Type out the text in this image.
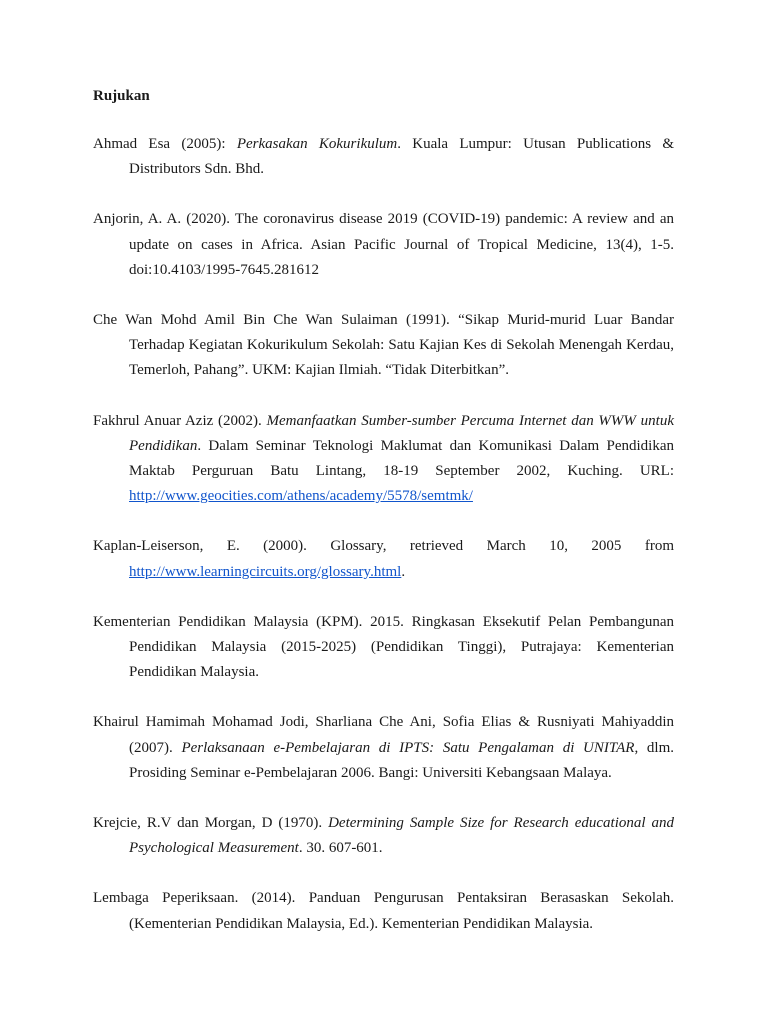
Rujukan

Ahmad Esa (2005): Perkasakan Kokurikulum. Kuala Lumpur: Utusan Publications & Distributors Sdn. Bhd.

Anjorin, A. A. (2020). The coronavirus disease 2019 (COVID-19) pandemic: A review and an update on cases in Africa. Asian Pacific Journal of Tropical Medicine, 13(4), 1-5. doi:10.4103/1995-7645.281612

Che Wan Mohd Amil Bin Che Wan Sulaiman (1991). “Sikap Murid-murid Luar Bandar Terhadap Kegiatan Kokurikulum Sekolah: Satu Kajian Kes di Sekolah Menengah Kerdau, Temerloh, Pahang”. UKM: Kajian Ilmiah. “Tidak Diterbitkan”.

Fakhrul Anuar Aziz (2002). Memanfaatkan Sumber-sumber Percuma Internet dan WWW untuk Pendidikan. Dalam Seminar Teknologi Maklumat dan Komunikasi Dalam Pendidikan Maktab Perguruan Batu Lintang, 18-19 September 2002, Kuching. URL: http://www.geocities.com/athens/academy/5578/semtmk/

Kaplan-Leiserson, E. (2000). Glossary, retrieved March 10, 2005 from http://www.learningcircuits.org/glossary.html.

Kementerian Pendidikan Malaysia (KPM). 2015. Ringkasan Eksekutif Pelan Pembangunan Pendidikan Malaysia (2015-2025) (Pendidikan Tinggi), Putrajaya: Kementerian Pendidikan Malaysia.

Khairul Hamimah Mohamad Jodi, Sharliana Che Ani, Sofia Elias & Rusniyati Mahiyaddin (2007). Perlaksanaan e-Pembelajaran di IPTS: Satu Pengalaman di UNITAR, dlm. Prosiding Seminar e-Pembelajaran 2006. Bangi: Universiti Kebangsaan Malaya.

Krejcie, R.V dan Morgan, D (1970). Determining Sample Size for Research educational and Psychological Measurement. 30. 607-601.

Lembaga Peperiksaan. (2014). Panduan Pengurusan Pentaksiran Berasaskan Sekolah. (Kementerian Pendidikan Malaysia, Ed.). Kementerian Pendidikan Malaysia.
